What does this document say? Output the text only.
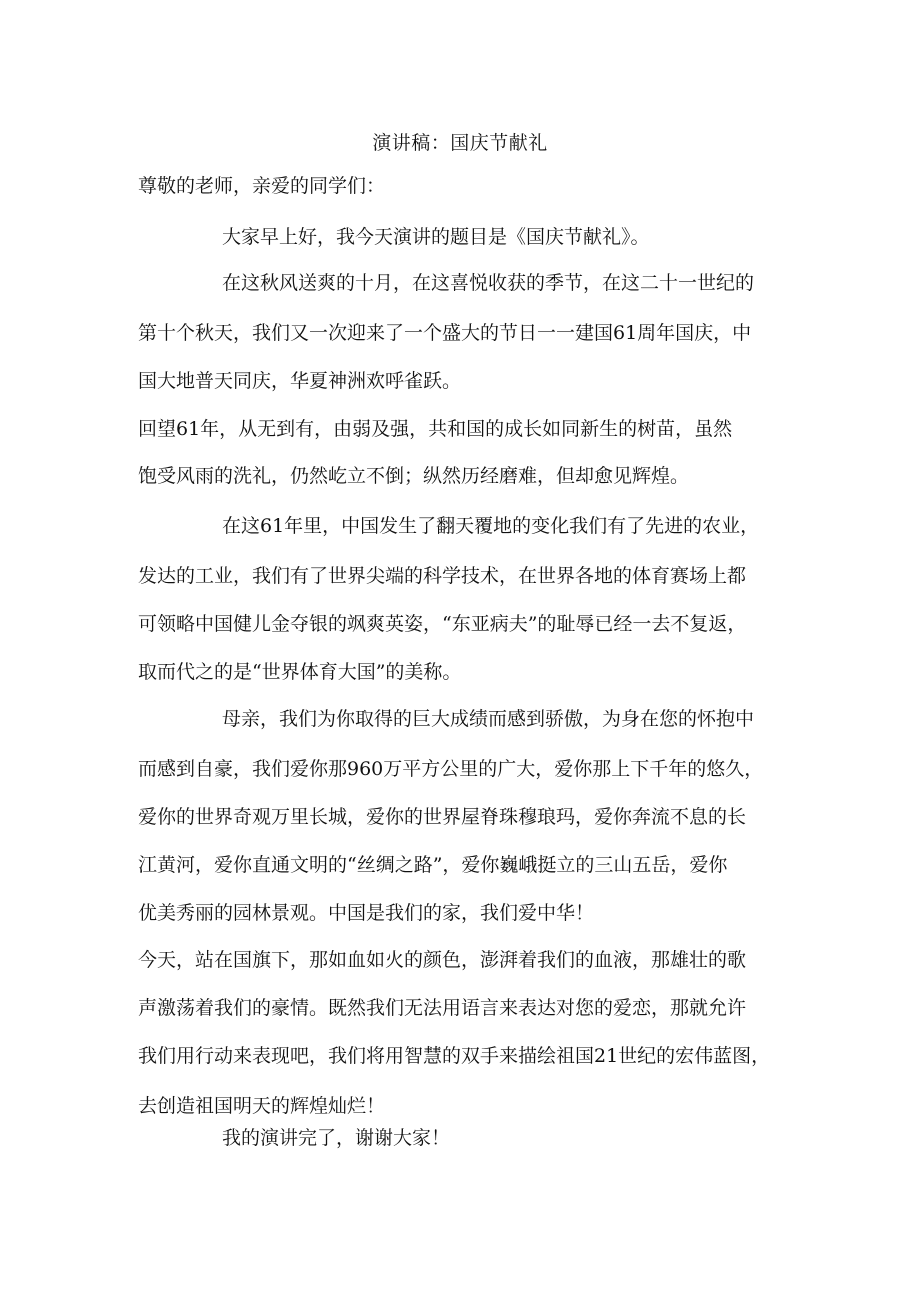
演讲稿：国庆节献礼
尊敬的老师，亲爱的同学们：
大家早上好，我今天演讲的题目是《国庆节献礼》。
在这秋风送爽的十月，在这喜悦收获的季节，在这二十一世纪的
第十个秋天，我们又一次迎来了一个盛大的节日一一建国61周年国庆，中
国大地普天同庆，华夏神洲欢呼雀跃。
回望61年，从无到有，由弱及强，共和国的成长如同新生的树苗，虽然
饱受风雨的洗礼，仍然屹立不倒；纵然历经磨难，但却愈见辉煌。
在这61年里，中国发生了翻天覆地的变化我们有了先进的农业，
发达的工业，我们有了世界尖端的科学技术，在世界各地的体育赛场上都
可领略中国健儿金夺银的飒爽英姿，“东亚病夫”的耻辱已经一去不复返，
取而代之的是“世界体育大国”的美称。
母亲，我们为你取得的巨大成绩而感到骄傲，为身在您的怀抱中
而感到自豪，我们爱你那960万平方公里的广大，爱你那上下千年的悠久，
爱你的世界奇观万里长城，爱你的世界屋脊珠穆琅玛，爱你奔流不息的长
江黄河，爱你直通文明的“丝绸之路”，爱你巍峨挺立的三山五岳，爱你
优美秀丽的园林景观。中国是我们的家，我们爱中华！
今天，站在国旗下，那如血如火的颜色，澎湃着我们的血液，那雄壮的歌
声激荡着我们的豪情。既然我们无法用语言来表达对您的爱恋，那就允许
我们用行动来表现吧，我们将用智慧的双手来描绘祖国21世纪的宏伟蓝图，
去创造祖国明天的辉煌灿烂！
我的演讲完了，谢谢大家！
